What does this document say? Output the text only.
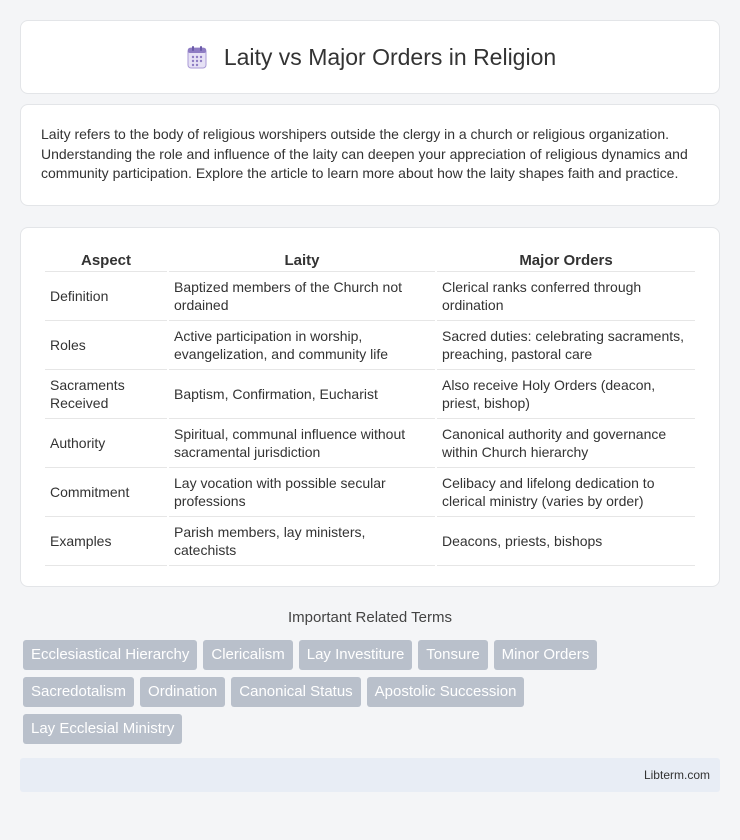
Laity vs Major Orders in Religion

Laity refers to the body of religious worshipers outside the clergy in a church or religious organization. Understanding the role and influence of the laity can deepen your appreciation of religious dynamics and community participation. Explore the article to learn more about how the laity shapes faith and practice.

Aspect	Laity	Major Orders
Definition	Baptized members of the Church not ordained	Clerical ranks conferred through ordination
Roles	Active participation in worship, evangelization, and community life	Sacred duties: celebrating sacraments, preaching, pastoral care
Sacraments Received	Baptism, Confirmation, Eucharist	Also receive Holy Orders (deacon, priest, bishop)
Authority	Spiritual, communal influence without sacramental jurisdiction	Canonical authority and governance within Church hierarchy
Commitment	Lay vocation with possible secular professions	Celibacy and lifelong dedication to clerical ministry (varies by order)
Examples	Parish members, lay ministers, catechists	Deacons, priests, bishops
Important Related Terms
Ecclesiastical Hierarchy	Clericalism	Lay Investiture	Tonsure	Minor Orders
Sacredotalism	Ordination	Canonical Status	Apostolic Succession
Lay Ecclesial Ministry
Libterm.com
